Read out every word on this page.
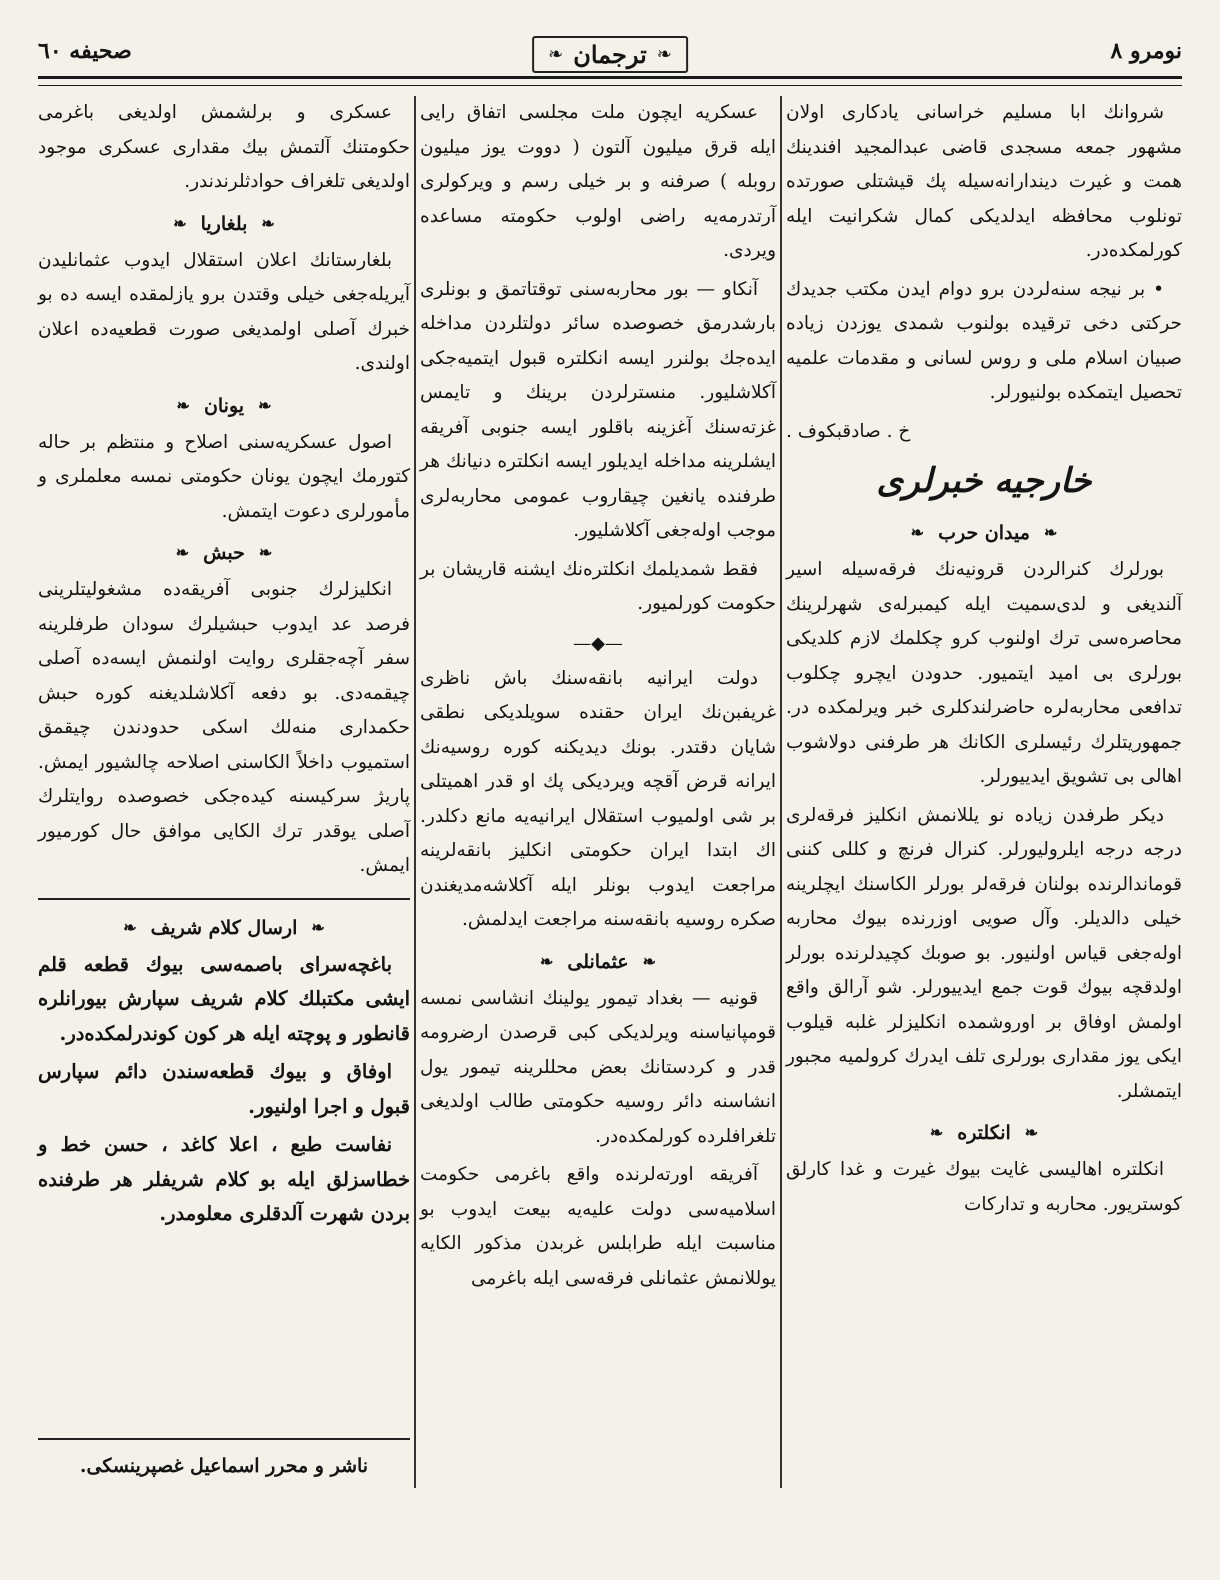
نومرو ۸
❧
ترجمان
❧
صحیفه ٦٠

شروانك ابا مسلیم خراسانی یادکاری اولان مشهور جمعه مسجدی قاضی عبدالمجید افندینك همت و غیرت دیندارانه‌سیله پك قیشتلی صورتده تونلوب محافظه ایدلدیکی کمال شکرانیت ایله کورلمکده‌در.

• بر نیجه سنه‌لردن برو دوام ایدن مکتب جدیدك حرکتی دخی ترقیده بولنوب شمدی یوزدن زیاده صبیان اسلام ملی و روس لسانی و مقدمات علمیه تحصیل ایتمکده بولنیورلر.

خ . صادقبکوف .
خارجیه خبرلری
❧
میدان حرب
❧

بورلرك کنرالردن قرونیه‌نك فرقه‌سیله اسیر آلندیغی و لدی‌سمیت ایله کیمبرله‌ی شهرلرینك محاصره‌سی ترك اولنوب کرو چکلمك لازم کلدیکی بورلری بی امید ایتمیور. حدودن ایچرو چکلوب تدافعی محاربه‌لره حاضرلندکلری خبر ویرلمکده در. جمهوریتلرك رئیسلری الکانك هر طرفنی دولاشوب اهالی بی تشویق ایدییورلر.

دیکر طرفدن زیاده نو یللانمش انکلیز فرقه‌لری درجه درجه ایلرولیورلر. کنرال فرنچ و کللی کننی قوماندالرنده بولنان فرقه‌لر بورلر الکاسنك ایچلرینه خیلی دالدیلر. وآل صویی اوزرنده بیوك محاربه اوله‌جغی قیاس اولنیور. بو صوبك کچیدلرنده بورلر اولدقچه بیوك قوت جمع ایدییورلر. شو آرالق واقع اولمش اوفاق بر اوروشمده انکلیزلر غلبه قیلوب ایکی یوز مقداری بورلری تلف ایدرك کرولمیه مجبور ایتمشلر.

❧
انکلتره
❧

انکلتره اهالیسی غایت بیوك غیرت و غدا کارلق کوستریور. محاربه و تدارکات

عسکریه ایچون ملت مجلسی اتفاق رایی ایله قرق میلیون آلتون ( دووت یوز میلیون روبله ) صرفنه و بر خیلی رسم و ویرکولری آرتدرمه‌یه راضی اولوب حکومته مساعده ویردی.

آنکاو — بور محاربه‌سنی توقتاتمق و بونلری بارشدرمق خصوصده سائر دولتلردن مداخله ایده‌جك بولنرر ایسه انکلتره قبول ایتمیه‌جکی آکلاشلیور. منسترلردن برینك و تایمس غزته‌سنك آغزینه باقلور ایسه جنوبی آفریقه ایشلرینه مداخله ایدیلور ایسه انکلتره دنیانك هر طرفنده یانغین چیقاروب عمومی محاربه‌لری موجب اوله‌جغی آکلاشلیور.

فقط شمدیلمك انکلتره‌نك ایشنه قاریشان بر حکومت کورلمیور.

—◆—

دولت ایرانیه بانقه‌سنك باش ناظری غریفبن‌نك ایران حقنده سویلدیکی نطقی شایان دقتدر. بونك دیدیکنه کوره روسیه‌نك ایرانه قرض آقچه ویردیکی پك او قدر اهمیتلی بر شی اولمیوب استقلال ایرانیه‌یه مانع دکلدر. اك ابتدا ایران حکومتی انکلیز بانقه‌لرینه مراجعت ایدوب بونلر ایله آکلاشه‌مدیغندن صکره روسیه بانقه‌سنه مراجعت ایدلمش.

❧
عثمانلی
❧

قونیه — بغداد تیمور یولینك انشاسی نمسه قومپانیاسنه ویرلدیکی کبی قرصدن ارضرومه قدر و کردستانك بعض محللرینه تیمور یول انشاسنه دائر روسیه حکومتی طالب اولدیغی تلغرافلرده کورلمکده‌در.

آفریقه اورته‌لرنده واقع باغرمی حکومت اسلامیه‌سی دولت علیه‌یه بیعت ایدوب بو مناسبت ایله طرابلس غربدن مذکور الکایه یوللانمش عثمانلی فرقه‌سی ایله باغرمی

عسکری و برلشمش اولدیغی باغرمی حکومتنك آلتمش بیك مقداری عسکری موجود اولدیغی تلغراف حوادثلرندندر.

❧
بلغاریا
❧

بلغارستانك اعلان استقلال ایدوب عثمانلیدن آیریله‌جغی خیلی وقتدن برو یازلمقده ایسه ده بو خبرك آصلی اولمدیغی صورت قطعیه‌ده اعلان اولندی.

❧
یونان
❧

اصول عسکریه‌سنی اصلاح و منتظم بر حاله کتورمك ایچون یونان حکومتی نمسه معلملری و مأمورلری دعوت ایتمش.

❧
حبش
❧

انکلیزلرك جنوبی آفریقه‌ده مشغولیتلرینی فرصد عد ایدوب حبشیلرك سودان طرفلرینه سفر آچه‌جقلری روایت اولنمش ایسه‌ده آصلی چیقمه‌دی. بو دفعه آکلاشلدیغنه کوره حبش حکمداری منه‌لك اسکی حدودندن چیقمق استمیوب داخلاً الکاسنی اصلاحه چالشیور ایمش. پاریژ سرکیسنه کیده‌جکی خصوصده روایتلرك آصلی یوقدر ترك الکایی موافق حال کورمیور ایمش.

❧
ارسال کلام شریف
❧

باغچه‌سرای باصمه‌سی بیوك قطعه قلم ایشی مکتبلك کلام شریف سپارش بیورانلره قانطور و پوچته ایله هر کون کوندرلمکده‌در.

اوفاق و بیوك قطعه‌سندن دائم سپارس قبول و اجرا اولنیور.

نفاست طبع ، اعلا کاغد ، حسن خط و خطاسزلق ایله بو کلام شریفلر هر طرفنده بردن شهرت آلدقلری معلومدر.

ناشر و محرر اسماعیل غصپرینسکی.
